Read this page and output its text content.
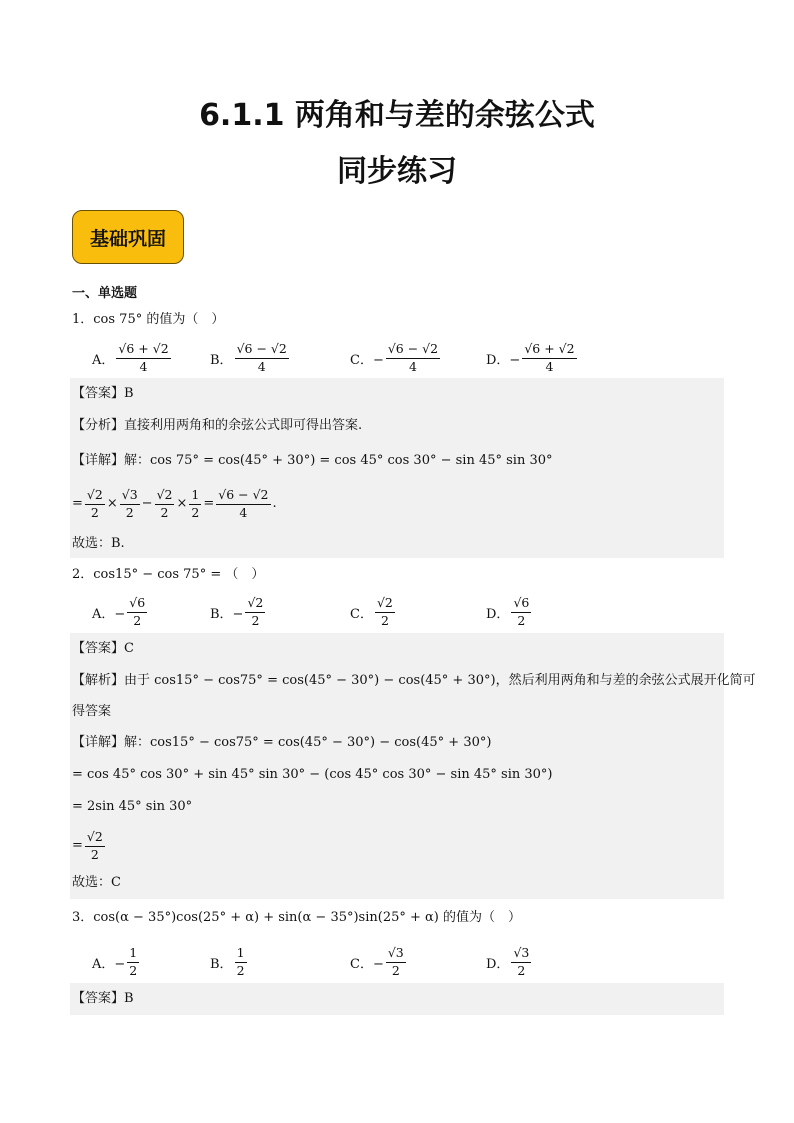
6.1.1 两角和与差的余弦公式
同步练习
基础巩固
一、单选题
1．cos 75° 的值为（　）
A． $\frac{√6 + √2}{4}$	B． $\frac{√6 - √2}{4}$	C．− $\frac{√6 - √2}{4}$	D．− $\frac{√6 + √2}{4}$
【答案】B
【分析】直接利用两角和的余弦公式即可得出答案.
【详解】解：cos 75° = cos(45° + 30°) = cos 45° cos 30° − sin 45° sin 30°
= $\frac{√2}{2} \times \frac{√3}{2} - \frac{√2}{2} \times \frac{1}{2} = \frac{√6 - √2}{4}$ .
故选：B.
2．cos15° − cos 75° = （　）
A．− $\frac{√6}{2}$	B．− $\frac{√2}{2}$	C． $\frac{√2}{2}$	D． $\frac{√6}{2}$
【答案】C
【解析】由于 cos15° − cos75° = cos(45° − 30°) − cos(45° + 30°)，然后利用两角和与差的余弦公式展开化简可
得答案
【详解】解：cos15° − cos75° = cos(45° − 30°) − cos(45° + 30°)
= cos 45° cos 30° + sin 45° sin 30° − (cos 45° cos 30° − sin 45° sin 30°)
= 2sin 45° sin 30°
= $\frac{√2}{2}$
故选：C
3．cos(α − 35°)cos(25° + α) + sin(α − 35°)sin(25° + α) 的值为（　）
A．− $\frac{1}{2}$	B． $\frac{1}{2}$	C．− $\frac{√3}{2}$	D． $\frac{√3}{2}$
【答案】B
